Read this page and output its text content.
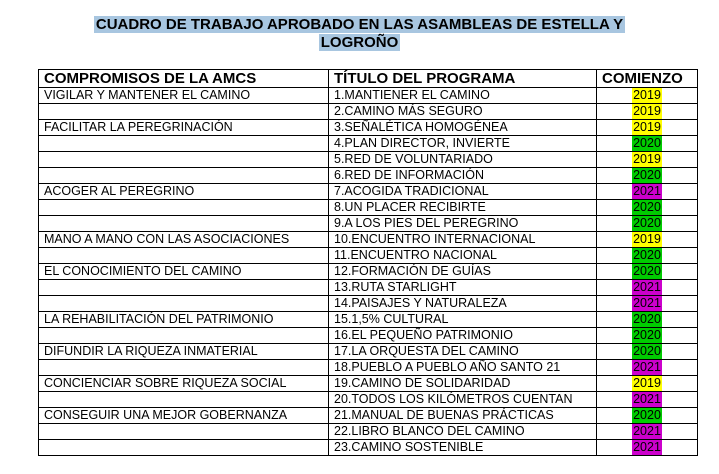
CUADRO DE TRABAJO APROBADO EN LAS ASAMBLEAS DE ESTELLA Y
LOGROÑO
COMPROMISOS DE LA AMCS	TÍTULO DEL PROGRAMA	COMIENZO
VIGILAR Y MANTENER EL CAMINO	1.MANTIENER EL CAMINO	2019
	2.CAMINO MÁS SEGURO	2019
FACILITAR LA PEREGRINACIÓN	3.SEÑALÉTICA HOMOGÉNEA	2019
	4.PLAN DIRECTOR, INVIERTE	2020
	5.RED DE VOLUNTARIADO	2019
	6.RED DE INFORMACIÓN	2020
ACOGER AL PEREGRINO	7.ACOGIDA TRADICIONAL	2021
	8.UN PLACER RECIBIRTE	2020
	9.A LOS PIES DEL PEREGRINO	2020
MANO A MANO CON LAS ASOCIACIONES	10.ENCUENTRO INTERNACIONAL	2019
	11.ENCUENTRO NACIONAL	2020
EL CONOCIMIENTO DEL CAMINO	12.FORMACIÓN DE GUÍAS	2020
	13.RUTA STARLIGHT	2021
	14.PAISAJES Y NATURALEZA	2021
LA REHABILITACIÓN DEL PATRIMONIO	15.1,5% CULTURAL	2020
	16.EL PEQUEÑO PATRIMONIO	2020
DIFUNDIR LA RIQUEZA INMATERIAL	17.LA ORQUESTA DEL CAMINO	2020
	18.PUEBLO A PUEBLO AÑO SANTO 21	2021
CONCIENCIAR SOBRE RIQUEZA SOCIAL	19.CAMINO DE SOLIDARIDAD	2019
	20.TODOS LOS KILÓMETROS CUENTAN	2021
CONSEGUIR UNA MEJOR GOBERNANZA	21.MANUAL DE BUENAS PRÁCTICAS	2020
	22.LIBRO BLANCO DEL CAMINO	2021
	23.CAMINO SOSTENIBLE	2021
